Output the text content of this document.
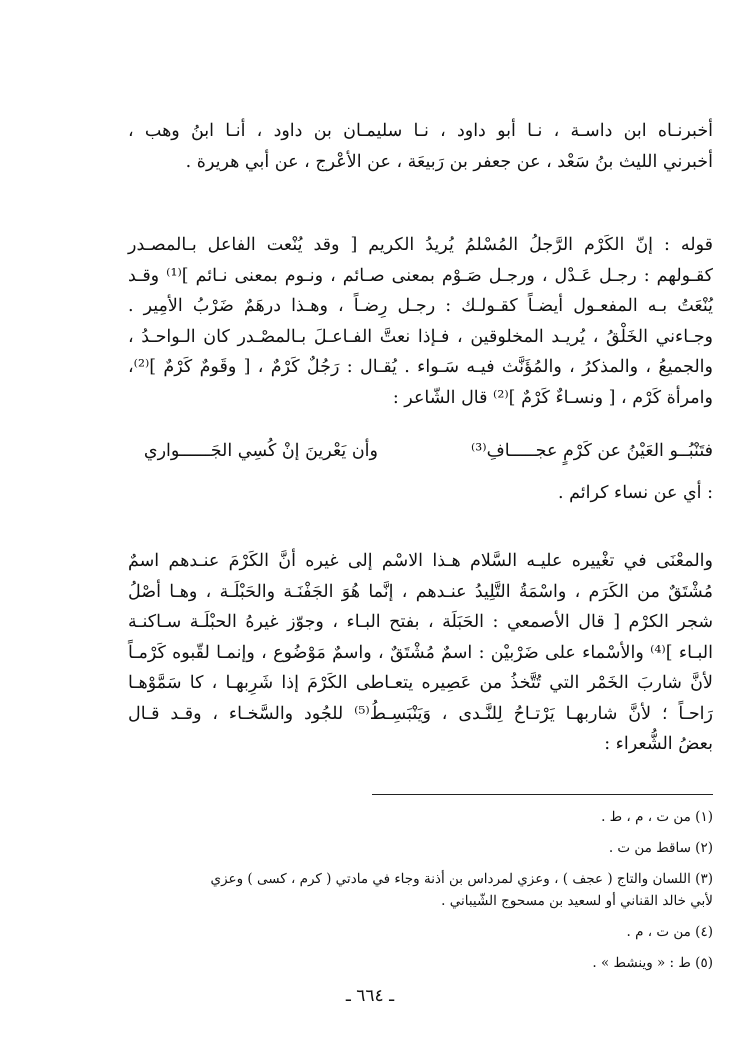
أخبرنـاه ابن داسـة ، نـا أبو داود ، نـا سليمـان بن داود ، أنـا ابنُ وهب ،
أخبرني الليث بنُ سَعْد ، عن جعفر بن رَبيعَة ، عن الأعْرج ، عن أبي هريرة .
قوله : إنّ الكَرْم الرَّجلُ المُسْلمُ يُريدُ الكريم [ وقد يُنْعت الفاعل بـالمصـدر
كقـولهم : رجـل عَـدْل ، ورجـل صَـوْم بمعنى صـائم ، ونـوم بمعنى نـائم ]⁽¹⁾ وقـد
يُنْعَتُ بـه المفعـول أيضـاً كقـولـك : رجـل رِضـاً ، وهـذا درهَمٌ ضَرْبُ الأمِير .
وجـاءني الخَلْقُ ، يُريـد المخلوقين ، فـإذا نعتَّ الفـاعـلَ بـالمصْـدر كان الـواحـدُ ،
والجميعُ ، والمذكرُ ، والمُؤَنَّث فيـه سَـواء . يُقـال : رَجُلٌ كَرْمٌ ، [ وقَومٌ كَرْمٌ ]⁽²⁾،
وامرأة كَرْم ، [ ونسـاءٌ كَرْمٌ ]⁽²⁾ قال الشّاعر :
فتَنْبُــو العَيْنُ عن كَرْمٍ عجـــــافِ⁽³⁾
وأن يَعْرينَ إنْ كُسِي الجَــــــواري
: أي عن نساء كرائم .
والمعْنَى في تغْييره عليـه السَّلام هـذا الاسْم إلى غيره أنَّ الكَرْمَ عنـدهم اسمٌ
مُشْتَقٌ من الكَرَم ، واسْمَةُ التَّلِيدُ عنـدهم ، إنَّما هُوَ الجَفْنَـة والحَبْلَـة ، وهـا أصْلُ
شجر الكرْم [ قال الأصمعي : الحَبَلَة ، بفتح البـاء ، وجوّز غيرهُ الحبْلَـة سـاكنـة
البـاء ]⁽⁴⁾ والأسْماء على ضَرْبيْن : اسمٌ مُشْتَقٌ ، واسمٌ مَوْضُوع ، وإنمـا لقّبوه كَرْمـاً
لأنَّ شاربَ الخَمْر التي تُتَّخذُ من عَصِيره يتعـاطى الكَرْمَ إذا شَرِبهـا ، كا سَمَّوْهـا
رَاحـاً ؛ لأنَّ شاربهـا يَرْتـاحُ لِلنَّـدى ، وَيَنْبَسِـطُ⁽⁵⁾ للجُود والسَّخـاء ، وقـد قـال
بعضُ الشُّعراء :
(١) من ت ، م ، ط .
(٢) ساقط من ت .
(٣) اللسان والتاج ( عجف ) ، وعزي لمرداس بن أذنة وجاء في مادتي ( كرم ، كسى ) وعزي
لأبي خالد القناني أو لسعيد بن مسحوج الشّيباني .
(٤) من ت ، م .
(٥) ط : « وينشط » .
ـ ٦٦٤ ـ
